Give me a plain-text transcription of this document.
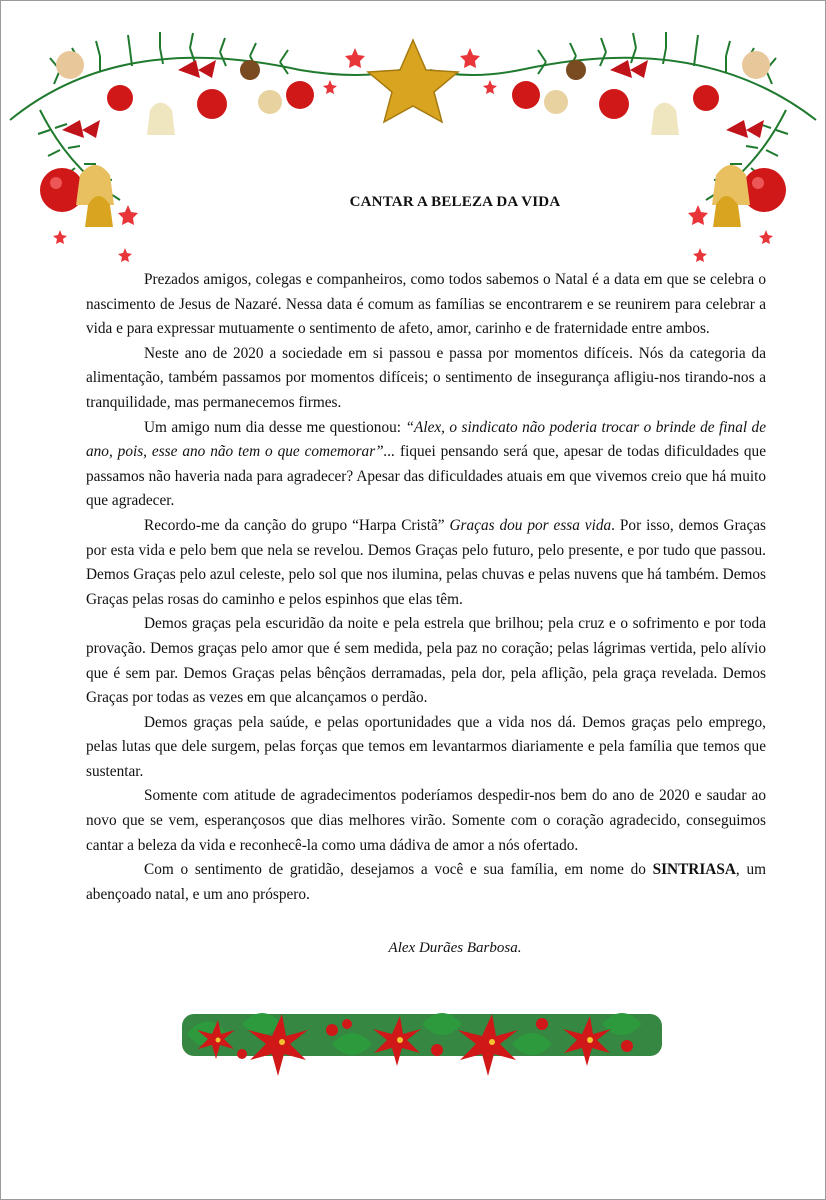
CANTAR A BELEZA DA VIDA

Prezados amigos, colegas e companheiros, como todos sabemos o Natal é a data em que se celebra o nascimento de Jesus de Nazaré. Nessa data é comum as famílias se encontrarem e se reunirem para celebrar a vida e para expressar mutuamente o sentimento de afeto, amor, carinho e de fraternidade entre ambos.

Neste ano de 2020 a sociedade em si passou e passa por momentos difíceis. Nós da categoria da alimentação, também passamos por momentos difíceis; o sentimento de insegurança afligiu-nos tirando-nos a tranquilidade, mas permanecemos firmes.

Um amigo num dia desse me questionou: “Alex, o sindicato não poderia trocar o brinde de final de ano, pois, esse ano não tem o que comemorar”... fiquei pensando será que, apesar de todas dificuldades que passamos não haveria nada para agradecer? Apesar das dificuldades atuais em que vivemos creio que há muito que agradecer.

Recordo-me da canção do grupo “Harpa Cristã” Graças dou por essa vida. Por isso, demos Graças por esta vida e pelo bem que nela se revelou. Demos Graças pelo futuro, pelo presente, e por tudo que passou. Demos Graças pelo azul celeste, pelo sol que nos ilumina, pelas chuvas e pelas nuvens que há também. Demos Graças pelas rosas do caminho e pelos espinhos que elas têm.

Demos graças pela escuridão da noite e pela estrela que brilhou; pela cruz e o sofrimento e por toda provação. Demos graças pelo amor que é sem medida, pela paz no coração; pelas lágrimas vertida, pelo alívio que é sem par. Demos Graças pelas bênçãos derramadas, pela dor, pela aflição, pela graça revelada. Demos Graças por todas as vezes em que alcançamos o perdão.

Demos graças pela saúde, e pelas oportunidades que a vida nos dá. Demos graças pelo emprego, pelas lutas que dele surgem, pelas forças que temos em levantarmos diariamente e pela família que temos que sustentar.

Somente com atitude de agradecimentos poderíamos despedir-nos bem do ano de 2020 e saudar ao novo que se vem, esperançosos que dias melhores virão. Somente com o coração agradecido, conseguimos cantar a beleza da vida e reconhecê-la como uma dádiva de amor a nós ofertado.

Com o sentimento de gratidão, desejamos a você e sua família, em nome do SINTRIASA, um abençoado natal, e um ano próspero.

Alex Durães Barbosa.
